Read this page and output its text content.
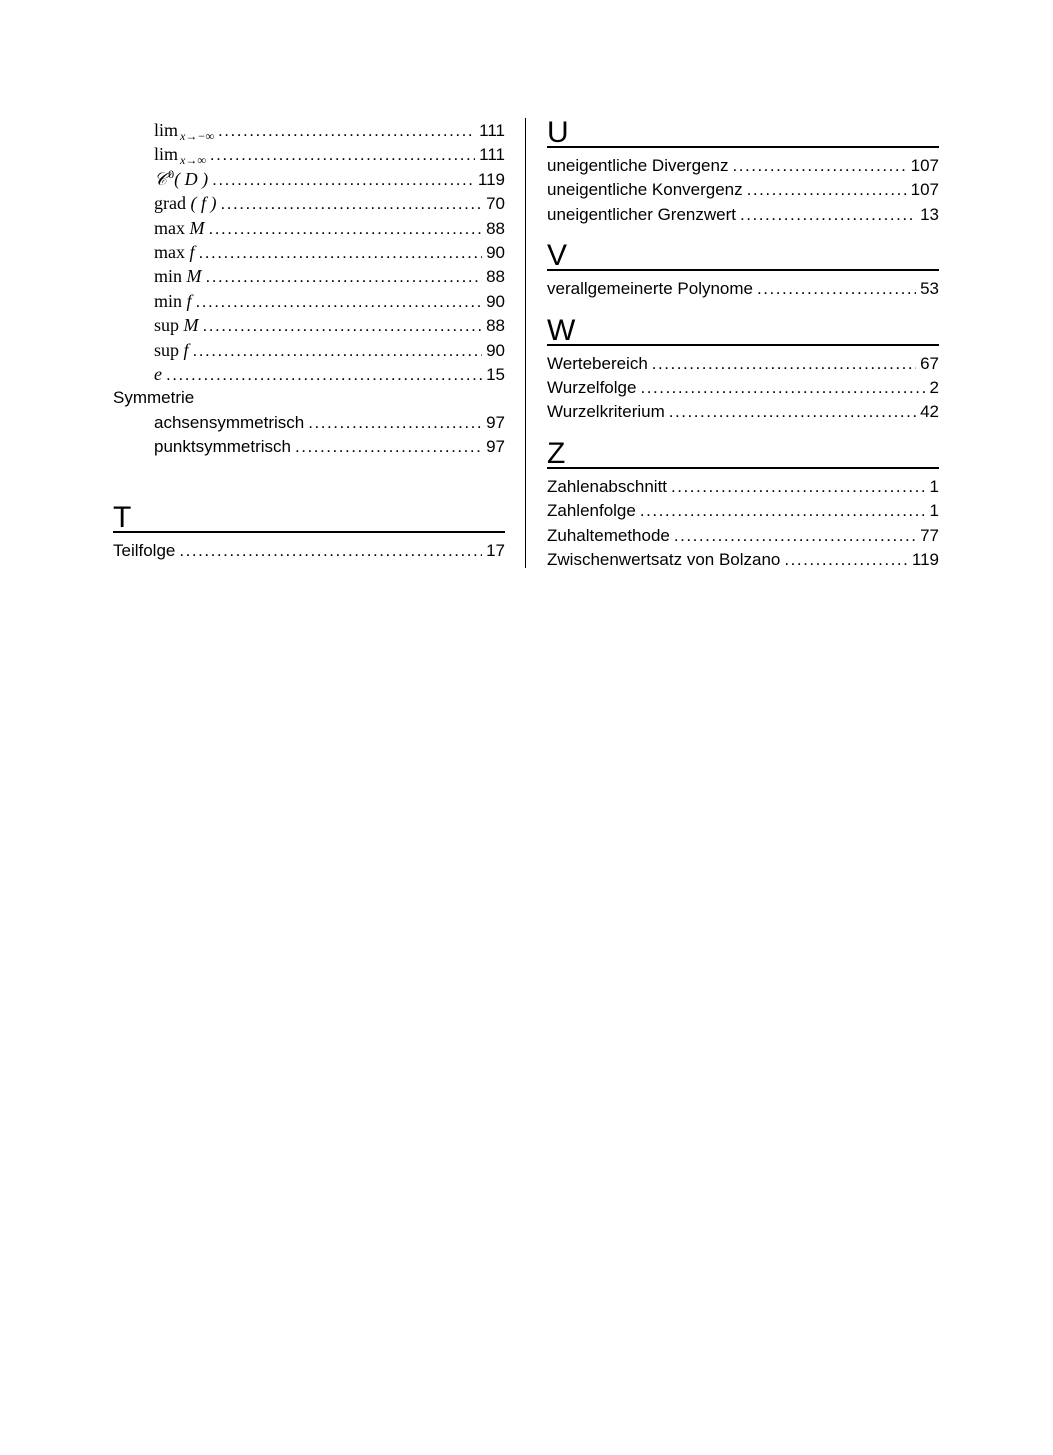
lim $_{x\to-\infty}$ . . .	111
lim $_{x\to\infty}$ . . .	111
𝒞$^0$( D ) . . .	119
grad ( f ) . . .	70
max M . . .	88
max f . . .	90
min M . . .	88
min f . . .	90
sup M . . .	88
sup f . . .	90
e . . .	15
Symmetrie
achsensymmetrisch . . .	97
punktsymmetrisch . . .	97
T
Teilfolge . . .	17
U
uneigentliche Divergenz . . .	107
uneigentliche Konvergenz . . .	107
uneigentlicher Grenzwert . . .	13
V
verallgemeinerte Polynome . . .	53
W
Wertebereich . . .	67
Wurzelfolge . . .	2
Wurzelkriterium . . .	42
Z
Zahlenabschnitt . . .	1
Zahlenfolge . . .	1
Zuhaltemethode . . .	77
Zwischenwertsatz von Bolzano . . .	119
